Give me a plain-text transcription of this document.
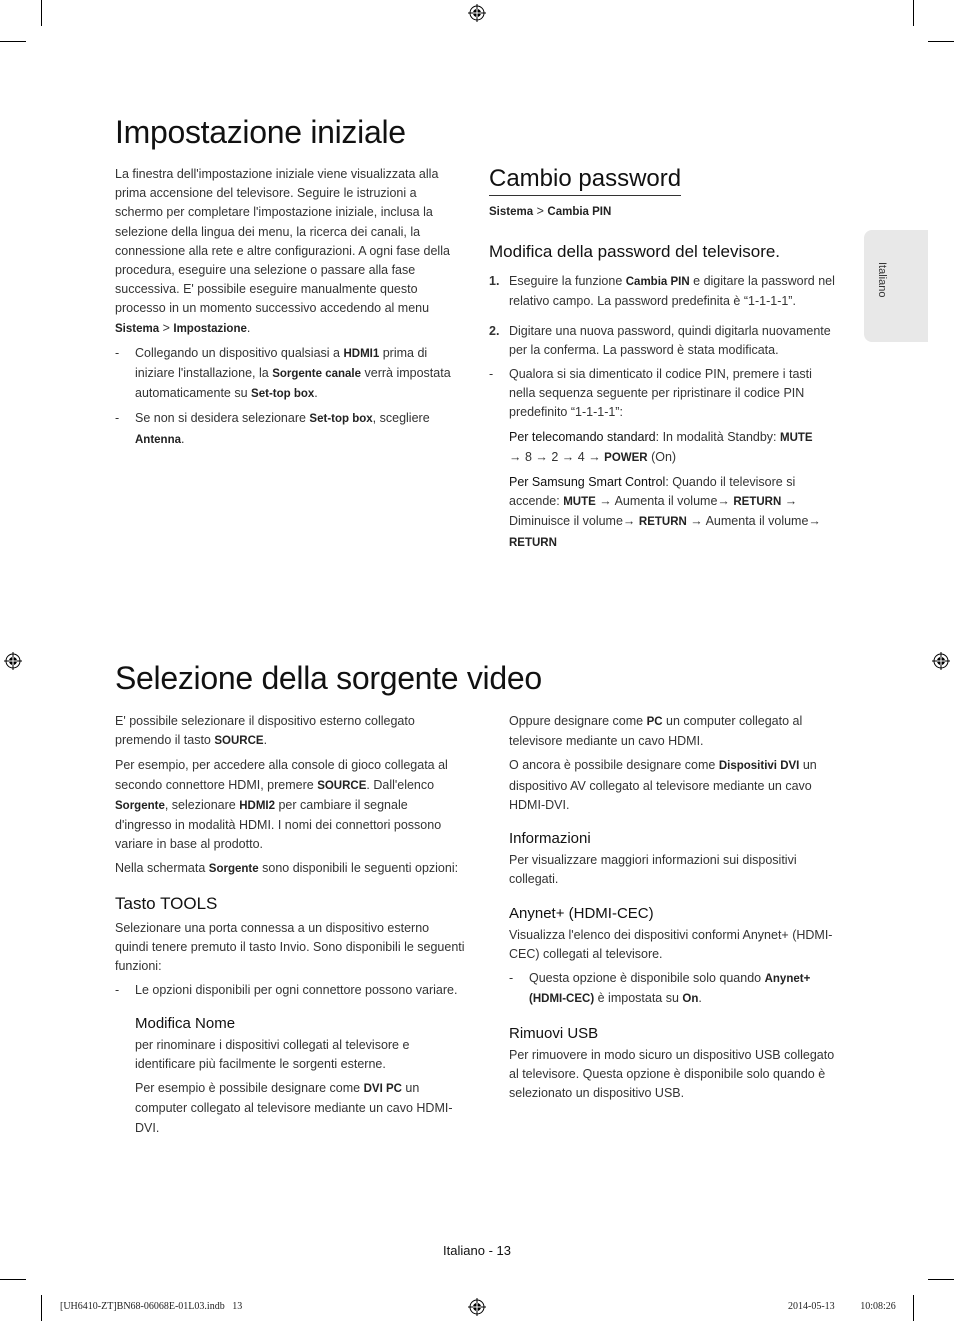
Italiano
Impostazione iniziale

La finestra dell'impostazione iniziale viene visualizzata alla prima accensione del televisore. Seguire le istruzioni a schermo per completare l'impostazione iniziale, inclusa la selezione della lingua dei menu, la ricerca dei canali, la connessione alla rete e altre configurazioni. A ogni fase della procedura, eseguire una selezione o passare alla fase successiva. E' possibile eseguire manualmente questo processo in un momento successivo accedendo al menu Sistema > Impostazione.

- Collegando un dispositivo qualsiasi a HDMI1 prima di iniziare l'installazione, la Sorgente canale verrà impostata automaticamente su Set-top box.

- Se non si desidera selezionare Set-top box, scegliere Antenna.

Cambio password

Sistema > Cambia PIN

Modifica della password del televisore.

1. Eseguire la funzione Cambia PIN e digitare la password nel relativo campo. La password predefinita è “1-1-1-1”.

2. Digitare una nuova password, quindi digitarla nuovamente per la conferma. La password è stata modificata.

- Qualora si sia dimenticato il codice PIN, premere i tasti nella sequenza seguente per ripristinare il codice PIN predefinito “1-1-1-1”:

Per telecomando standard: In modalità Standby: MUTE
→ 8 → 2 → 4 → POWER (On)

Per Samsung Smart Control: Quando il televisore si accende: MUTE → Aumenta il volume→ RETURN → Diminuisce il volume→ RETURN → Aumenta il volume→ RETURN

Selezione della sorgente video

E' possibile selezionare il dispositivo esterno collegato premendo il tasto SOURCE.

Per esempio, per accedere alla console di gioco collegata al secondo connettore HDMI, premere SOURCE. Dall'elenco Sorgente, selezionare HDMI2 per cambiare il segnale d'ingresso in modalità HDMI. I nomi dei connettori possono variare in base al prodotto.

Nella schermata Sorgente sono disponibili le seguenti opzioni:

Tasto TOOLS

Selezionare una porta connessa a un dispositivo esterno quindi tenere premuto il tasto Invio. Sono disponibili le seguenti funzioni:

- Le opzioni disponibili per ogni connettore possono variare.

Modifica Nome

per rinominare i dispositivi collegati al televisore e identificare più facilmente le sorgenti esterne.

Per esempio è possibile designare come DVI PC un computer collegato al televisore mediante un cavo HDMI-DVI.

Oppure designare come PC un computer collegato al televisore mediante un cavo HDMI.

O ancora è possibile designare come Dispositivi DVI un dispositivo AV collegato al televisore mediante un cavo HDMI-DVI.

Informazioni

Per visualizzare maggiori informazioni sui dispositivi collegati.

Anynet+ (HDMI-CEC)

Visualizza l'elenco dei dispositivi conformi Anynet+ (HDMI-CEC) collegati al televisore.

- Questa opzione è disponibile solo quando Anynet+ (HDMI-CEC) è impostata su On.

Rimuovi USB

Per rimuovere in modo sicuro un dispositivo USB collegato al televisore. Questa opzione è disponibile solo quando è selezionato un dispositivo USB.

Italiano - 13
[UH6410-ZT]BN68-06068E-01L03.indb   13	2014-05-13   ￿￿ 10:08:26
